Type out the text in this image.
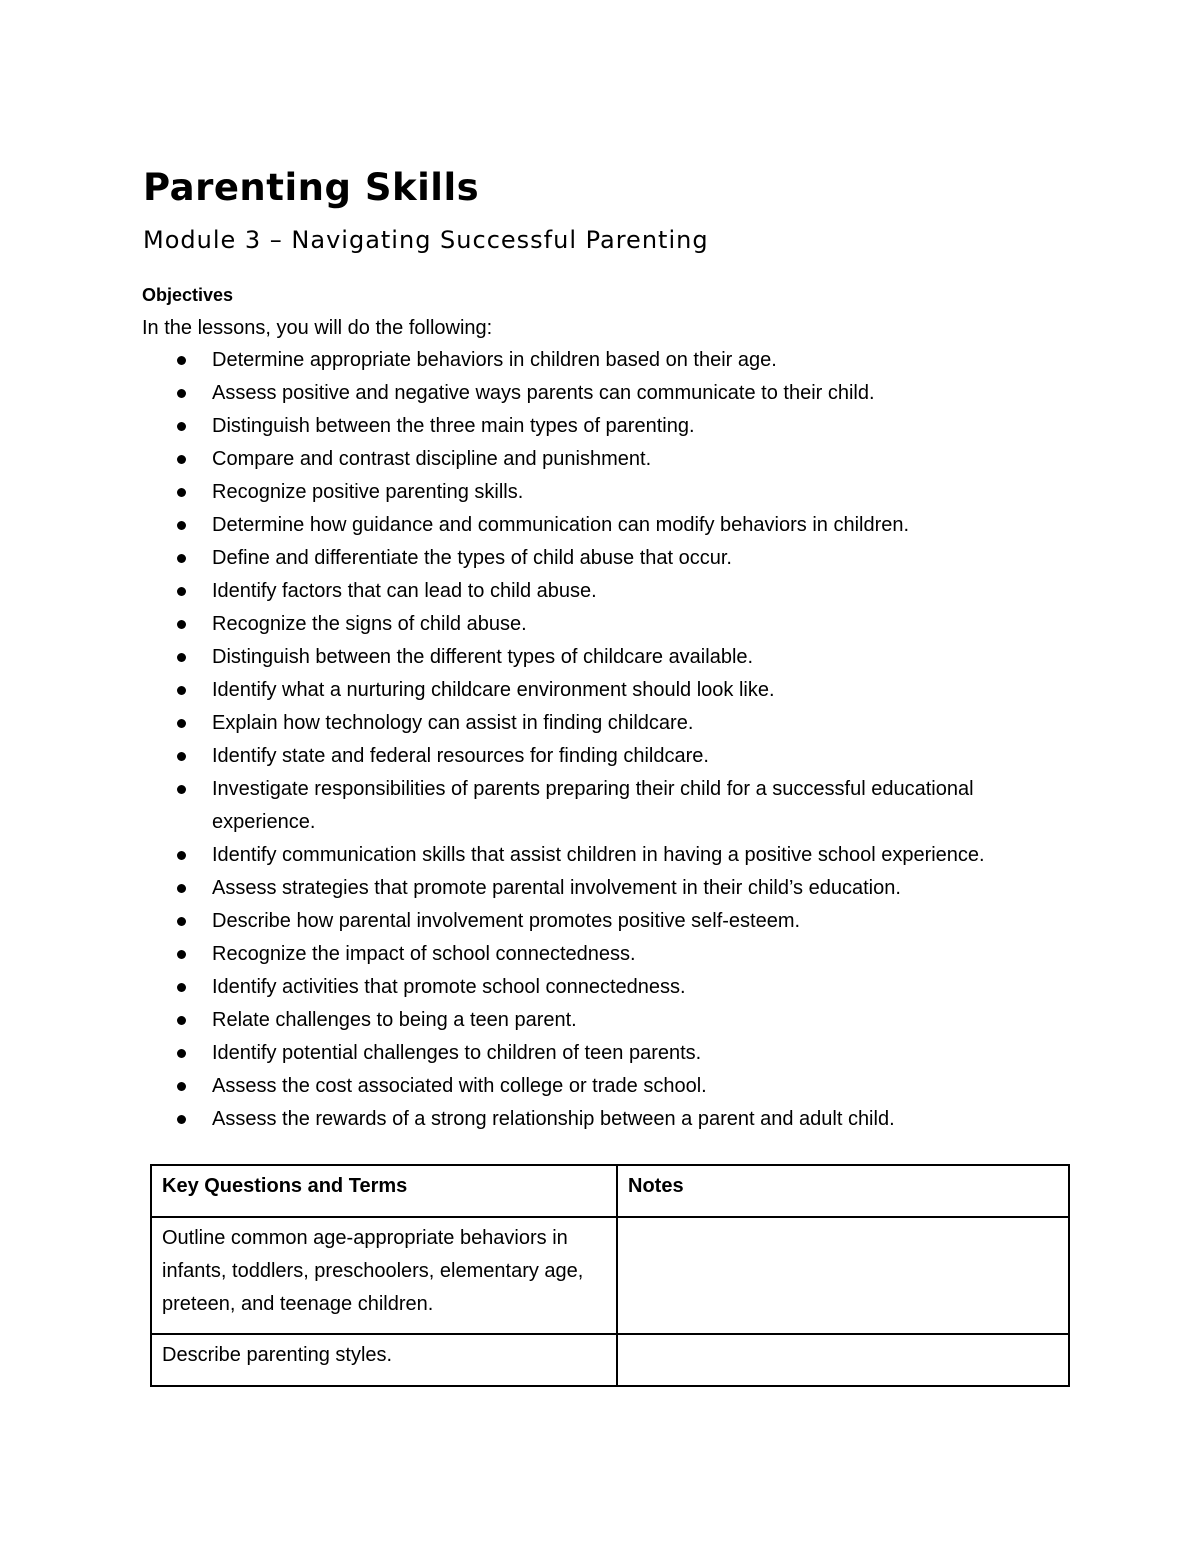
Parenting Skills
Module 3 – Navigating Successful Parenting
Objectives
In the lessons, you will do the following:
Determine appropriate behaviors in children based on their age.
Assess positive and negative ways parents can communicate to their child.
Distinguish between the three main types of parenting.
Compare and contrast discipline and punishment.
Recognize positive parenting skills.
Determine how guidance and communication can modify behaviors in children.
Define and differentiate the types of child abuse that occur.
Identify factors that can lead to child abuse.
Recognize the signs of child abuse.
Distinguish between the different types of childcare available.
Identify what a nurturing childcare environment should look like.
Explain how technology can assist in finding childcare.
Identify state and federal resources for finding childcare.
Investigate responsibilities of parents preparing their child for a successful educational experience.
Identify communication skills that assist children in having a positive school experience.
Assess strategies that promote parental involvement in their child’s education.
Describe how parental involvement promotes positive self-esteem.
Recognize the impact of school connectedness.
Identify activities that promote school connectedness.
Relate challenges to being a teen parent.
Identify potential challenges to children of teen parents.
Assess the cost associated with college or trade school.
Assess the rewards of a strong relationship between a parent and adult child.
Key Questions and Terms	Notes
Outline common age-appropriate behaviors in infants, toddlers, preschoolers, elementary age, preteen, and teenage children.	
Describe parenting styles.	
